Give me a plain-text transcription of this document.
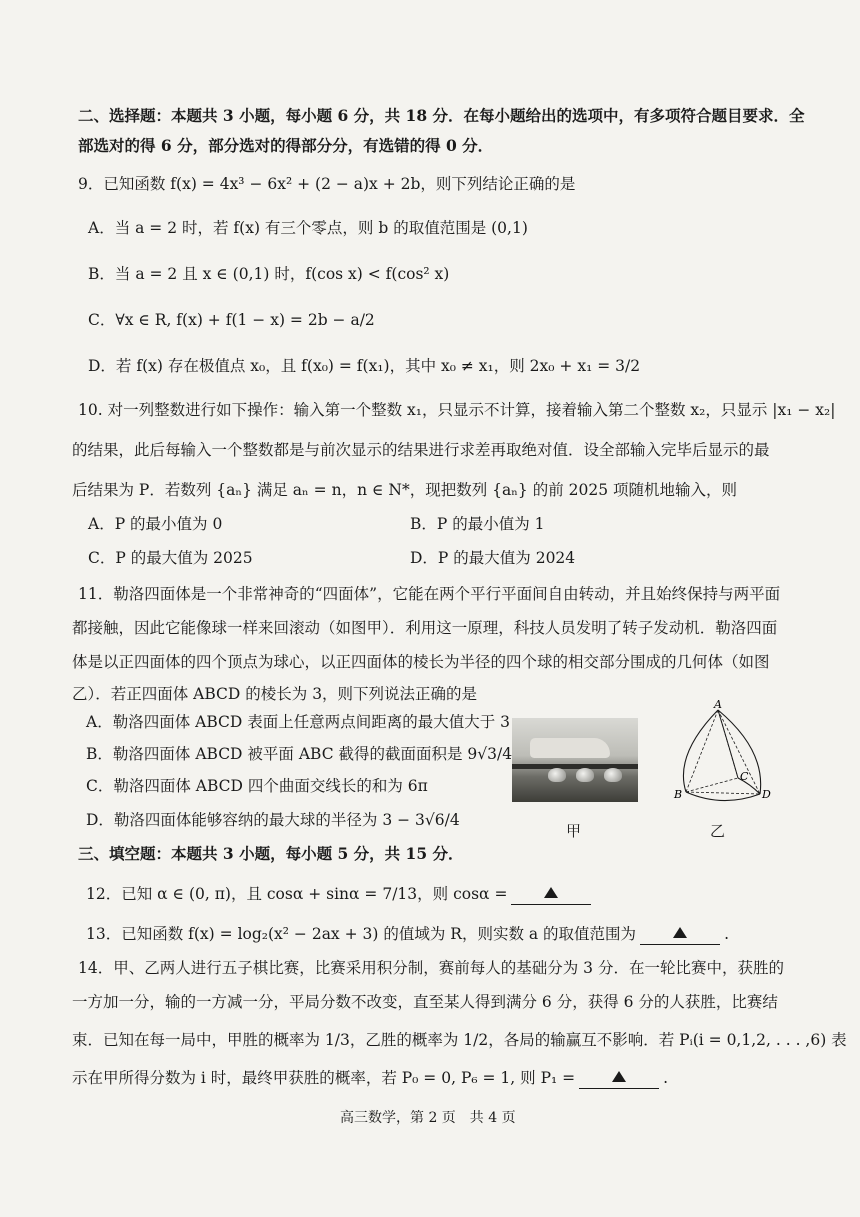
二、选择题：本题共 3 小题，每小题 6 分，共 18 分．在每小题给出的选项中，有多项符合题目要求．全
部选对的得 6 分，部分选对的得部分分，有选错的得 0 分．
9．已知函数 f(x) = 4x³ − 6x² + (2 − a)x + 2b，则下列结论正确的是
A．当 a = 2 时，若 f(x) 有三个零点，则 b 的取值范围是 (0,1)
B．当 a = 2 且 x ∈ (0,1) 时，f(cos x) < f(cos² x)
C．∀x ∈ R, f(x) + f(1 − x) = 2b − a/2
D．若 f(x) 存在极值点 x₀，且 f(x₀) = f(x₁)，其中 x₀ ≠ x₁，则 2x₀ + x₁ = 3/2
10. 对一列整数进行如下操作：输入第一个整数 x₁，只显示不计算，接着输入第二个整数 x₂，只显示 |x₁ − x₂|
的结果，此后每输入一个整数都是与前次显示的结果进行求差再取绝对值．设全部输入完毕后显示的最
后结果为 P．若数列 {aₙ} 满足 aₙ = n，n ∈ N*，现把数列 {aₙ} 的前 2025 项随机地输入，则
A．P 的最小值为 0	B．P 的最小值为 1
C．P 的最大值为 2025	D．P 的最大值为 2024
11．勒洛四面体是一个非常神奇的“四面体”，它能在两个平行平面间自由转动，并且始终保持与两平面
都接触，因此它能像球一样来回滚动（如图甲）．利用这一原理，科技人员发明了转子发动机．勒洛四面
体是以正四面体的四个顶点为球心，以正四面体的棱长为半径的四个球的相交部分围成的几何体（如图
乙）．若正四面体 ABCD 的棱长为 3，则下列说法正确的是
A．勒洛四面体 ABCD 表面上任意两点间距离的最大值大于 3
B．勒洛四面体 ABCD 被平面 ABC 截得的截面面积是 9√3/4
C．勒洛四面体 ABCD 四个曲面交线长的和为 6π
D．勒洛四面体能够容纳的最大球的半径为 3 − 3√6/4
甲
A
B
C
D
乙
三、填空题：本题共 3 小题，每小题 5 分，共 15 分．
12．已知 α ∈ (0, π)，且 cosα + sinα = 7/13，则 cosα =
13．已知函数 f(x) = log₂(x² − 2ax + 3) 的值域为 R，则实数 a 的取值范围为	.
14．甲、乙两人进行五子棋比赛，比赛采用积分制，赛前每人的基础分为 3 分．在一轮比赛中，获胜的
一方加一分，输的一方减一分，平局分数不改变，直至某人得到满分 6 分，获得 6 分的人获胜，比赛结
束．已知在每一局中，甲胜的概率为 1/3，乙胜的概率为 1/2，各局的输赢互不影响．若 Pᵢ(i = 0,1,2, . . . ,6) 表
示在甲所得分数为 i 时，最终甲获胜的概率，若 P₀ = 0, P₆ = 1, 则 P₁ =	.
高三数学，第 2 页　共 4 页
